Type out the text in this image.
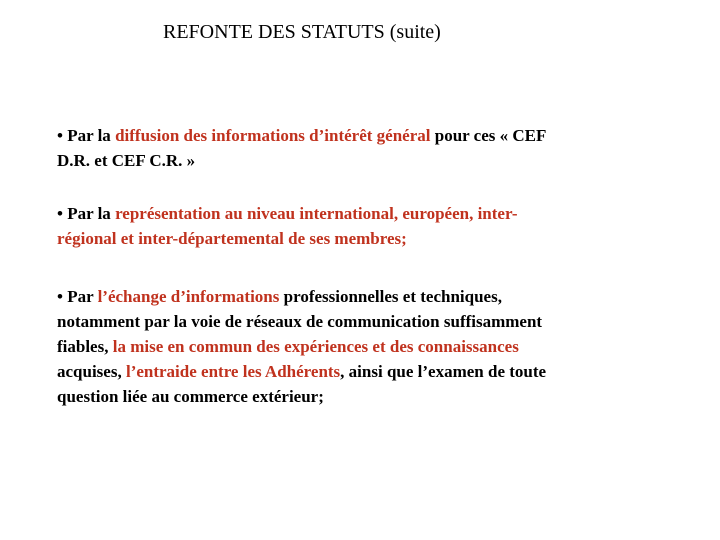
REFONTE DES STATUTS (suite)
• Par la diffusion des informations d’intérêt général pour ces « CEF
D.R. et CEF C.R. »
• Par la représentation au niveau international, européen, inter-
régional et inter-départemental de ses membres;
• Par l’échange d’informations professionnelles et techniques,
notamment par la voie de réseaux de communication suffisamment
fiables, la mise en commun des expériences et des connaissances
acquises, l’entraide entre les Adhérents, ainsi que l’examen de toute
question liée au commerce extérieur;
